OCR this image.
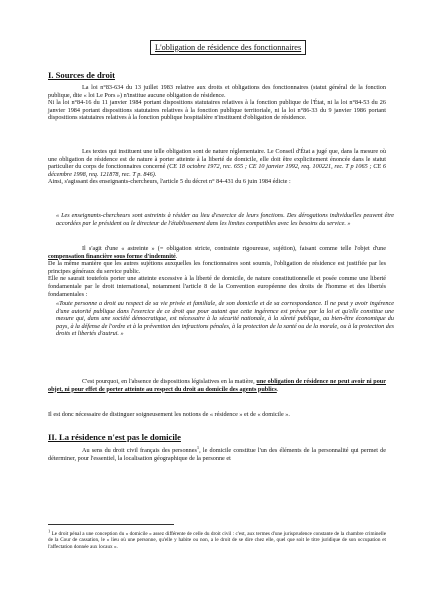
L'obligation de résidence des fonctionnaires
I. Sources de droit

La loi n°83-634 du 13 juillet 1983 relative aux droits et obligations des fonctionnaires (statut général de la fonction publique, dite « loi Le Pors ») n'institue aucune obligation de résidence.

Ni la loi n°84-16 du 11 janvier 1984 portant dispositions statutaires relatives à la fonction publique de l'État, ni la loi n°84-53 du 26 janvier 1984 portant dispositions statutaires relatives à la fonction publique territoriale, ni la loi n°86-33 du 9 janvier 1986 portant dispositions statutaires relatives à la fonction publique hospitalière n'instituent d'obligation de résidence.

Les textes qui instituent une telle obligation sont de nature réglementaire. Le Conseil d'État a jugé que, dans la mesure où une obligation de résidence est de nature à porter atteinte à la liberté de domicile, elle doit être explicitement énoncée dans le statut particulier du corps de fonctionnaires concerné (CE 18 octobre 1972, rec. 655 ; CE 10 janvier 1992, req. 100221, rec. T p 1065 ; CE 6 décembre 1998, req. 121878, rec. T p. 846).

Ainsi, s'agissant des enseignants-chercheurs, l'article 5 du décret n° 84-431 du 6 juin 1984 édicte :

« Les enseignants-chercheurs sont astreints à résider au lieu d'exercice de leurs fonctions. Des dérogations individuelles peuvent être accordées par le président ou le directeur de l'établissement dans les limites compatibles avec les besoins du service. »

Il s'agit d'une « astreinte » (= obligation stricte, contrainte rigoureuse, sujétion), faisant comme telle l'objet d'une compensation financière sous forme d'indemnité.

De la même manière que les autres sujétions auxquelles les fonctionnaires sont soumis, l'obligation de résidence est justifiée par les principes généraux du service public.

Elle ne saurait toutefois porter une atteinte excessive à la liberté de domicile, de nature constitutionnelle et posée comme une liberté fondamentale par le droit international, notamment l'article 8 de la Convention européenne des droits de l'homme et des libertés fondamentales :

«Toute personne a droit au respect de sa vie privée et familiale, de son domicile et de sa correspondance. Il ne peut y avoir ingérence d'une autorité publique dans l'exercice de ce droit que pour autant que cette ingérence est prévue par la loi et qu'elle constitue une mesure qui, dans une société démocratique, est nécessaire à la sécurité nationale, à la sûreté publique, au bien-être économique du pays, à la défense de l'ordre et à la prévention des infractions pénales, à la protection de la santé ou de la morale, ou à la protection des droits et libertés d'autrui. »

C'est pourquoi, en l'absence de dispositions législatives en la matière, une obligation de résidence ne peut avoir ni pour objet, ni pour effet de porter atteinte au respect du droit au domicile des agents publics.

Il est donc nécessaire de distinguer soigneusement les notions de « résidence » et de « domicile ».

II. La résidence n'est pas le domicile

Au sens du droit civil français des personnes$^1$, le domicile constitue l'un des éléments de la personnalité qui permet de déterminer, pour l'essentiel, la localisation géographique de la personne et

$^1$ Le droit pénal a une conception du « domicile » assez différente de celle du droit civil : c'est, aux termes d'une jurisprudence constante de la chambre criminelle de la Cour de cassation, le « lieu où une personne, qu'elle y habite ou non, a le droit de se dire chez elle, quel que soit le titre juridique de son occupation et l'affectation donnée aux locaux ».
